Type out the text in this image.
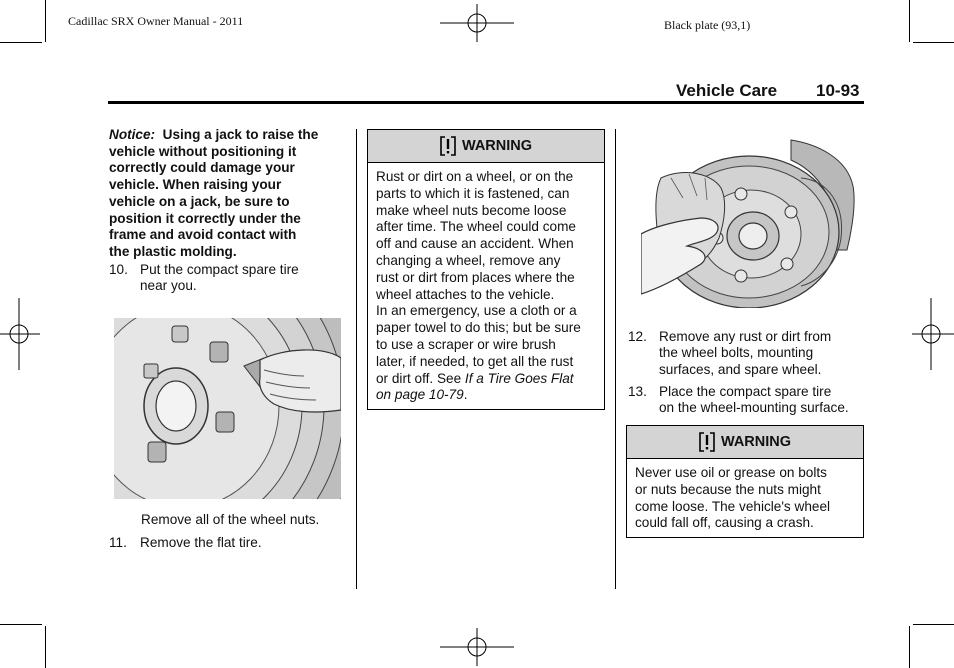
Cadillac SRX Owner Manual - 2011	Black plate (93,1)
Vehicle Care 10-93
Notice: Using a jack to raise the
vehicle without positioning it
correctly could damage your
vehicle. When raising your
vehicle on a jack, be sure to
position it correctly under the
frame and avoid contact with
the plastic molding.
10. Put the compact spare tire
near you.
Remove all of the wheel nuts.
11. Remove the flat tire.
WARNING
Rust or dirt on a wheel, or on the
parts to which it is fastened, can
make wheel nuts become loose
after time. The wheel could come
off and cause an accident. When
changing a wheel, remove any
rust or dirt from places where the
wheel attaches to the vehicle.
In an emergency, use a cloth or a
paper towel to do this; but be sure
to use a scraper or wire brush
later, if needed, to get all the rust
or dirt off. See If a Tire Goes Flat
on page 10-79.
12. Remove any rust or dirt from
the wheel bolts, mounting
surfaces, and spare wheel.
13. Place the compact spare tire
on the wheel-mounting surface.
WARNING
Never use oil or grease on bolts
or nuts because the nuts might
come loose. The vehicle's wheel
could fall off, causing a crash.
